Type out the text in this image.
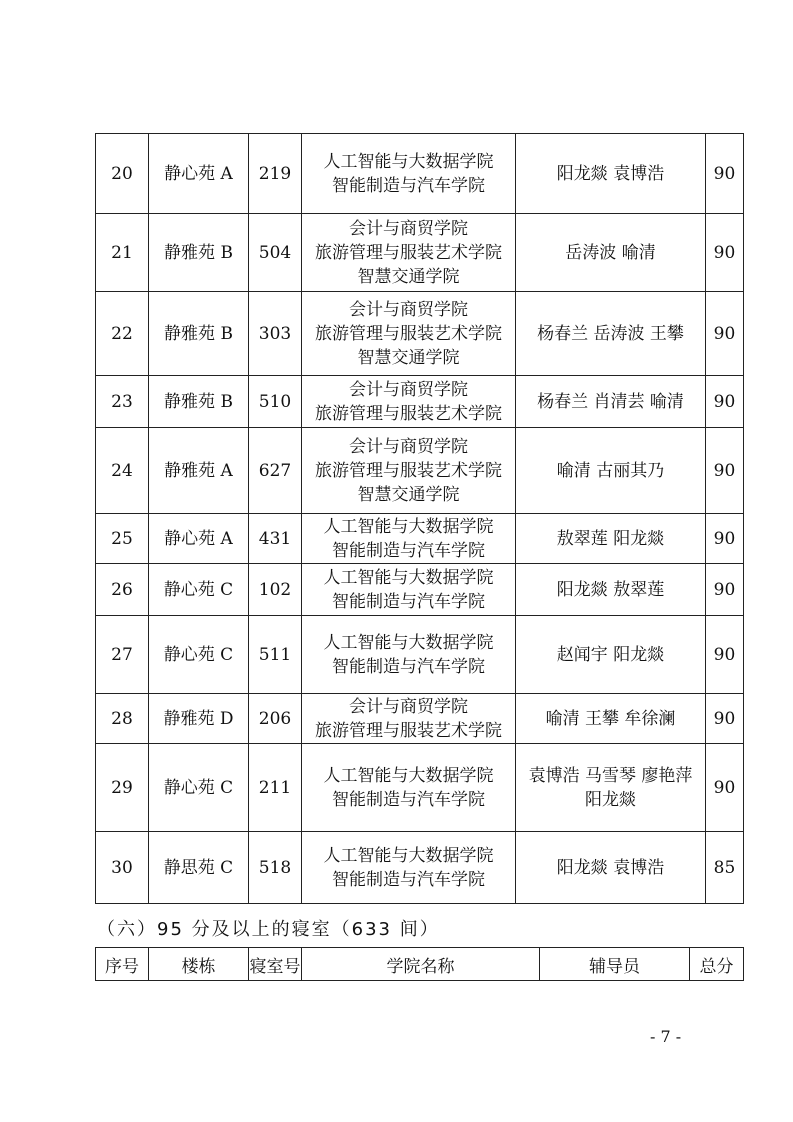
20	静心苑 A	219	人工智能与大数据学院
智能制造与汽车学院	阳龙燚 袁博浩	90
21	静雅苑 B	504	会计与商贸学院
旅游管理与服装艺术学院
智慧交通学院	岳涛波 喻清	90
22	静雅苑 B	303	会计与商贸学院
旅游管理与服装艺术学院
智慧交通学院	杨春兰 岳涛波 王攀	90
23	静雅苑 B	510	会计与商贸学院
旅游管理与服装艺术学院	杨春兰 肖清芸 喻清	90
24	静雅苑 A	627	会计与商贸学院
旅游管理与服装艺术学院
智慧交通学院	喻清 古丽其乃	90
25	静心苑 A	431	人工智能与大数据学院
智能制造与汽车学院	敖翠莲 阳龙燚	90
26	静心苑 C	102	人工智能与大数据学院
智能制造与汽车学院	阳龙燚 敖翠莲	90
27	静心苑 C	511	人工智能与大数据学院
智能制造与汽车学院	赵闻宇 阳龙燚	90
28	静雅苑 D	206	会计与商贸学院
旅游管理与服装艺术学院	喻清 王攀 牟徐澜	90
29	静心苑 C	211	人工智能与大数据学院
智能制造与汽车学院	袁博浩 马雪琴 廖艳萍
阳龙燚	90
30	静思苑 C	518	人工智能与大数据学院
智能制造与汽车学院	阳龙燚 袁博浩	85
（六）95 分及以上的寝室（633 间）
序号	楼栋	寝室号	学院名称	辅导员	总分
- 7 -
